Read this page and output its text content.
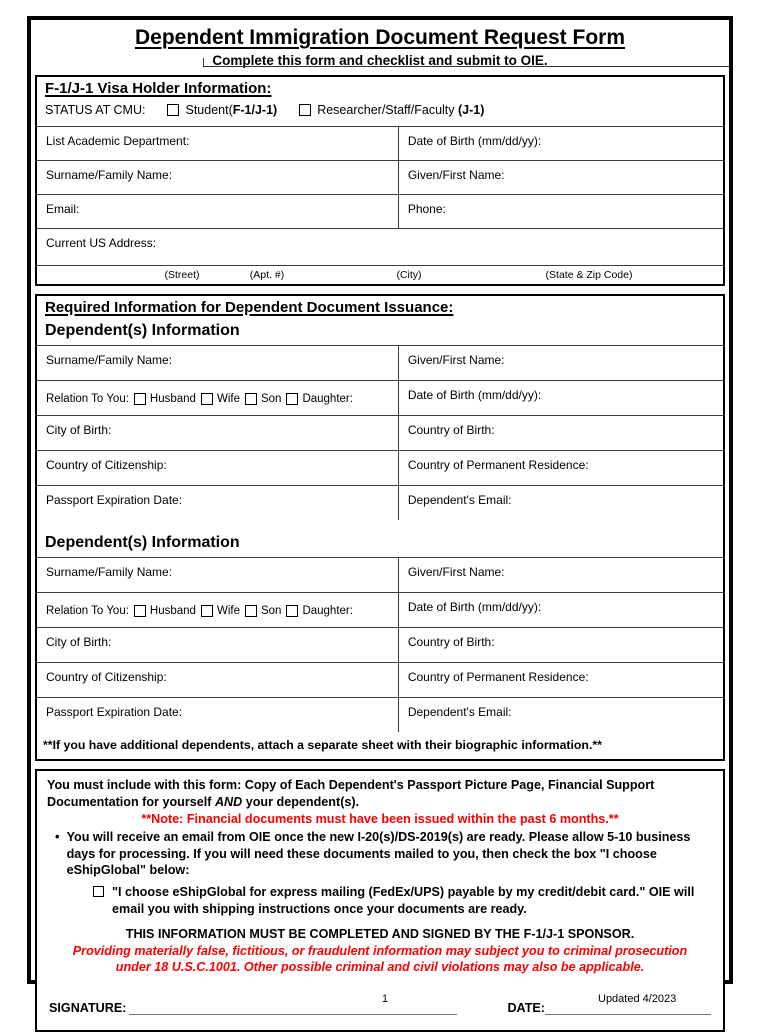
Dependent Immigration Document Request Form
Complete this form and checklist and submit to OIE.
F-1/J-1 Visa Holder Information:
STATUS AT CMU:	Student(F-1/J-1)	Researcher/Staff/Faculty (J-1)
List Academic Department:	Date of Birth (mm/dd/yy):
Surname/Family Name:	Given/First Name:
Email:	Phone:
Current US Address:
(Street)	(Apt. #)	(City)	(State & Zip Code)
Required Information for Dependent Document Issuance:
Dependent(s) Information
Surname/Family Name:	Given/First Name:
Relation To You: Husband Wife Son Daughter:	Date of Birth (mm/dd/yy):
City of Birth:	Country of Birth:
Country of Citizenship:	Country of Permanent Residence:
Passport Expiration Date:	Dependent's Email:
Dependent(s) Information
Surname/Family Name:	Given/First Name:
Relation To You: Husband Wife Son Daughter:	Date of Birth (mm/dd/yy):
City of Birth:	Country of Birth:
Country of Citizenship:	Country of Permanent Residence:
Passport Expiration Date:	Dependent's Email:
**If you have additional dependents, attach a separate sheet with their biographic information.**
You must include with this form: Copy of Each Dependent's Passport Picture Page, Financial Support Documentation for yourself AND your dependent(s).
**Note: Financial documents must have been issued within the past 6 months.**
• You will receive an email from OIE once the new I-20(s)/DS-2019(s) are ready. Please allow 5-10 business days for processing. If you will need these documents mailed to you, then check the box "I choose eShipGlobal" below:
"I choose eShipGlobal for express mailing (FedEx/UPS) payable by my credit/debit card." OIE will email you with shipping instructions once your documents are ready.
THIS INFORMATION MUST BE COMPLETED AND SIGNED BY THE F-1/J-1 SPONSOR.
Providing materially false, fictitious, or fraudulent information may subject you to criminal prosecution under 18 U.S.C.1001. Other possible criminal and civil violations may also be applicable.
SIGNATURE:	DATE:
1	Updated 4/2023
